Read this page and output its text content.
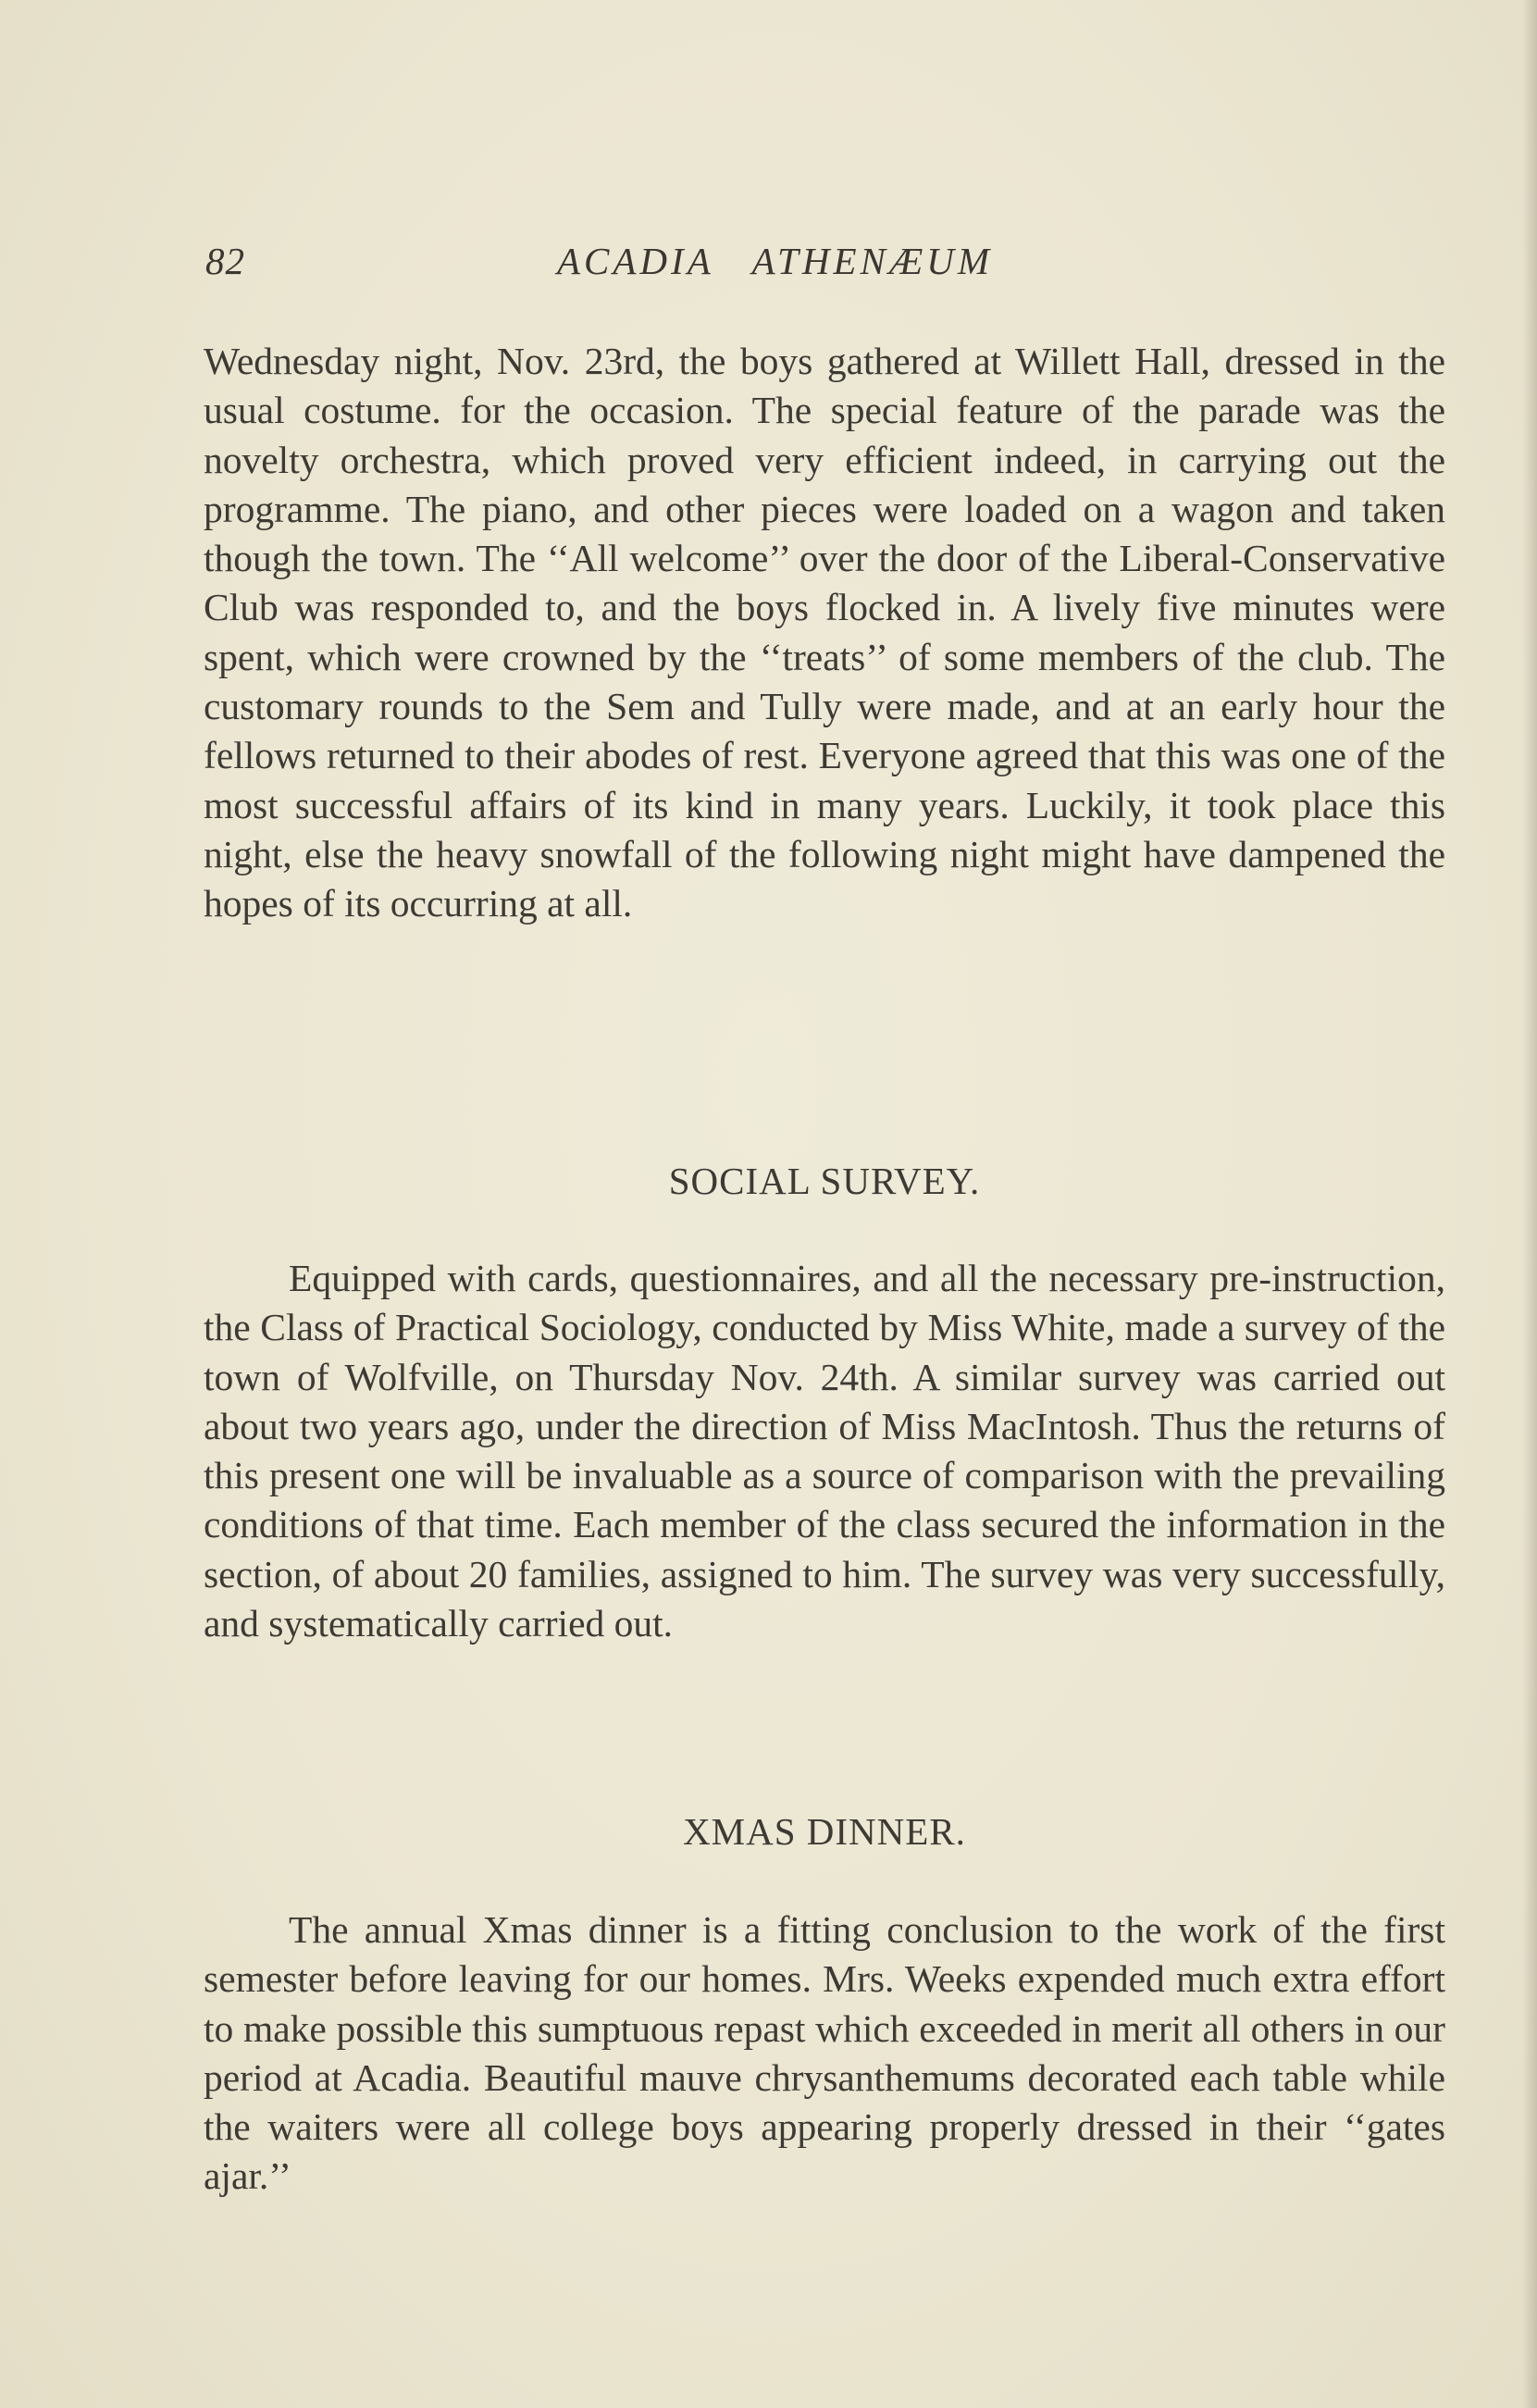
82	ACADIA ATHENÆUM
Wednesday night, Nov. 23rd, the boys gathered at Willett Hall, dressed in the usual costume. for the occasion. The special feature of the parade was the novelty orchestra, which proved very efficient indeed, in carrying out the programme. The piano, and other pieces were loaded on a wagon and taken though the town. The ‘‘All welcome’’ over the door of the Liberal-Conservative Club was responded to, and the boys flocked in. A lively five minutes were spent, which were crowned by the ‘‘treats’’ of some members of the club. The customary rounds to the Sem and Tully were made, and at an early hour the fellows returned to their abodes of rest. Everyone agreed that this was one of the most successful affairs of its kind in many years. Luckily, it took place this night, else the heavy snowfall of the following night might have dampened the hopes of its occurring at all.
SOCIAL SURVEY.
Equipped with cards, questionnaires, and all the necessary pre-instruction, the Class of Practical Sociology, conducted by Miss White, made a survey of the town of Wolfville, on Thursday Nov. 24th. A similar survey was carried out about two years ago, under the direction of Miss MacIntosh. Thus the returns of this present one will be invaluable as a source of comparison with the prevailing conditions of that time. Each member of the class secured the information in the section, of about 20 families, assigned to him. The survey was very successfully, and systematically carried out.
XMAS DINNER.
The annual Xmas dinner is a fitting conclusion to the work of the first semester before leaving for our homes. Mrs. Weeks expended much extra effort to make possible this sumptuous repast which exceeded in merit all others in our period at Acadia. Beautiful mauve chrysanthemums decorated each table while the waiters were all college boys appearing properly dressed in their ‘‘gates ajar.’’
